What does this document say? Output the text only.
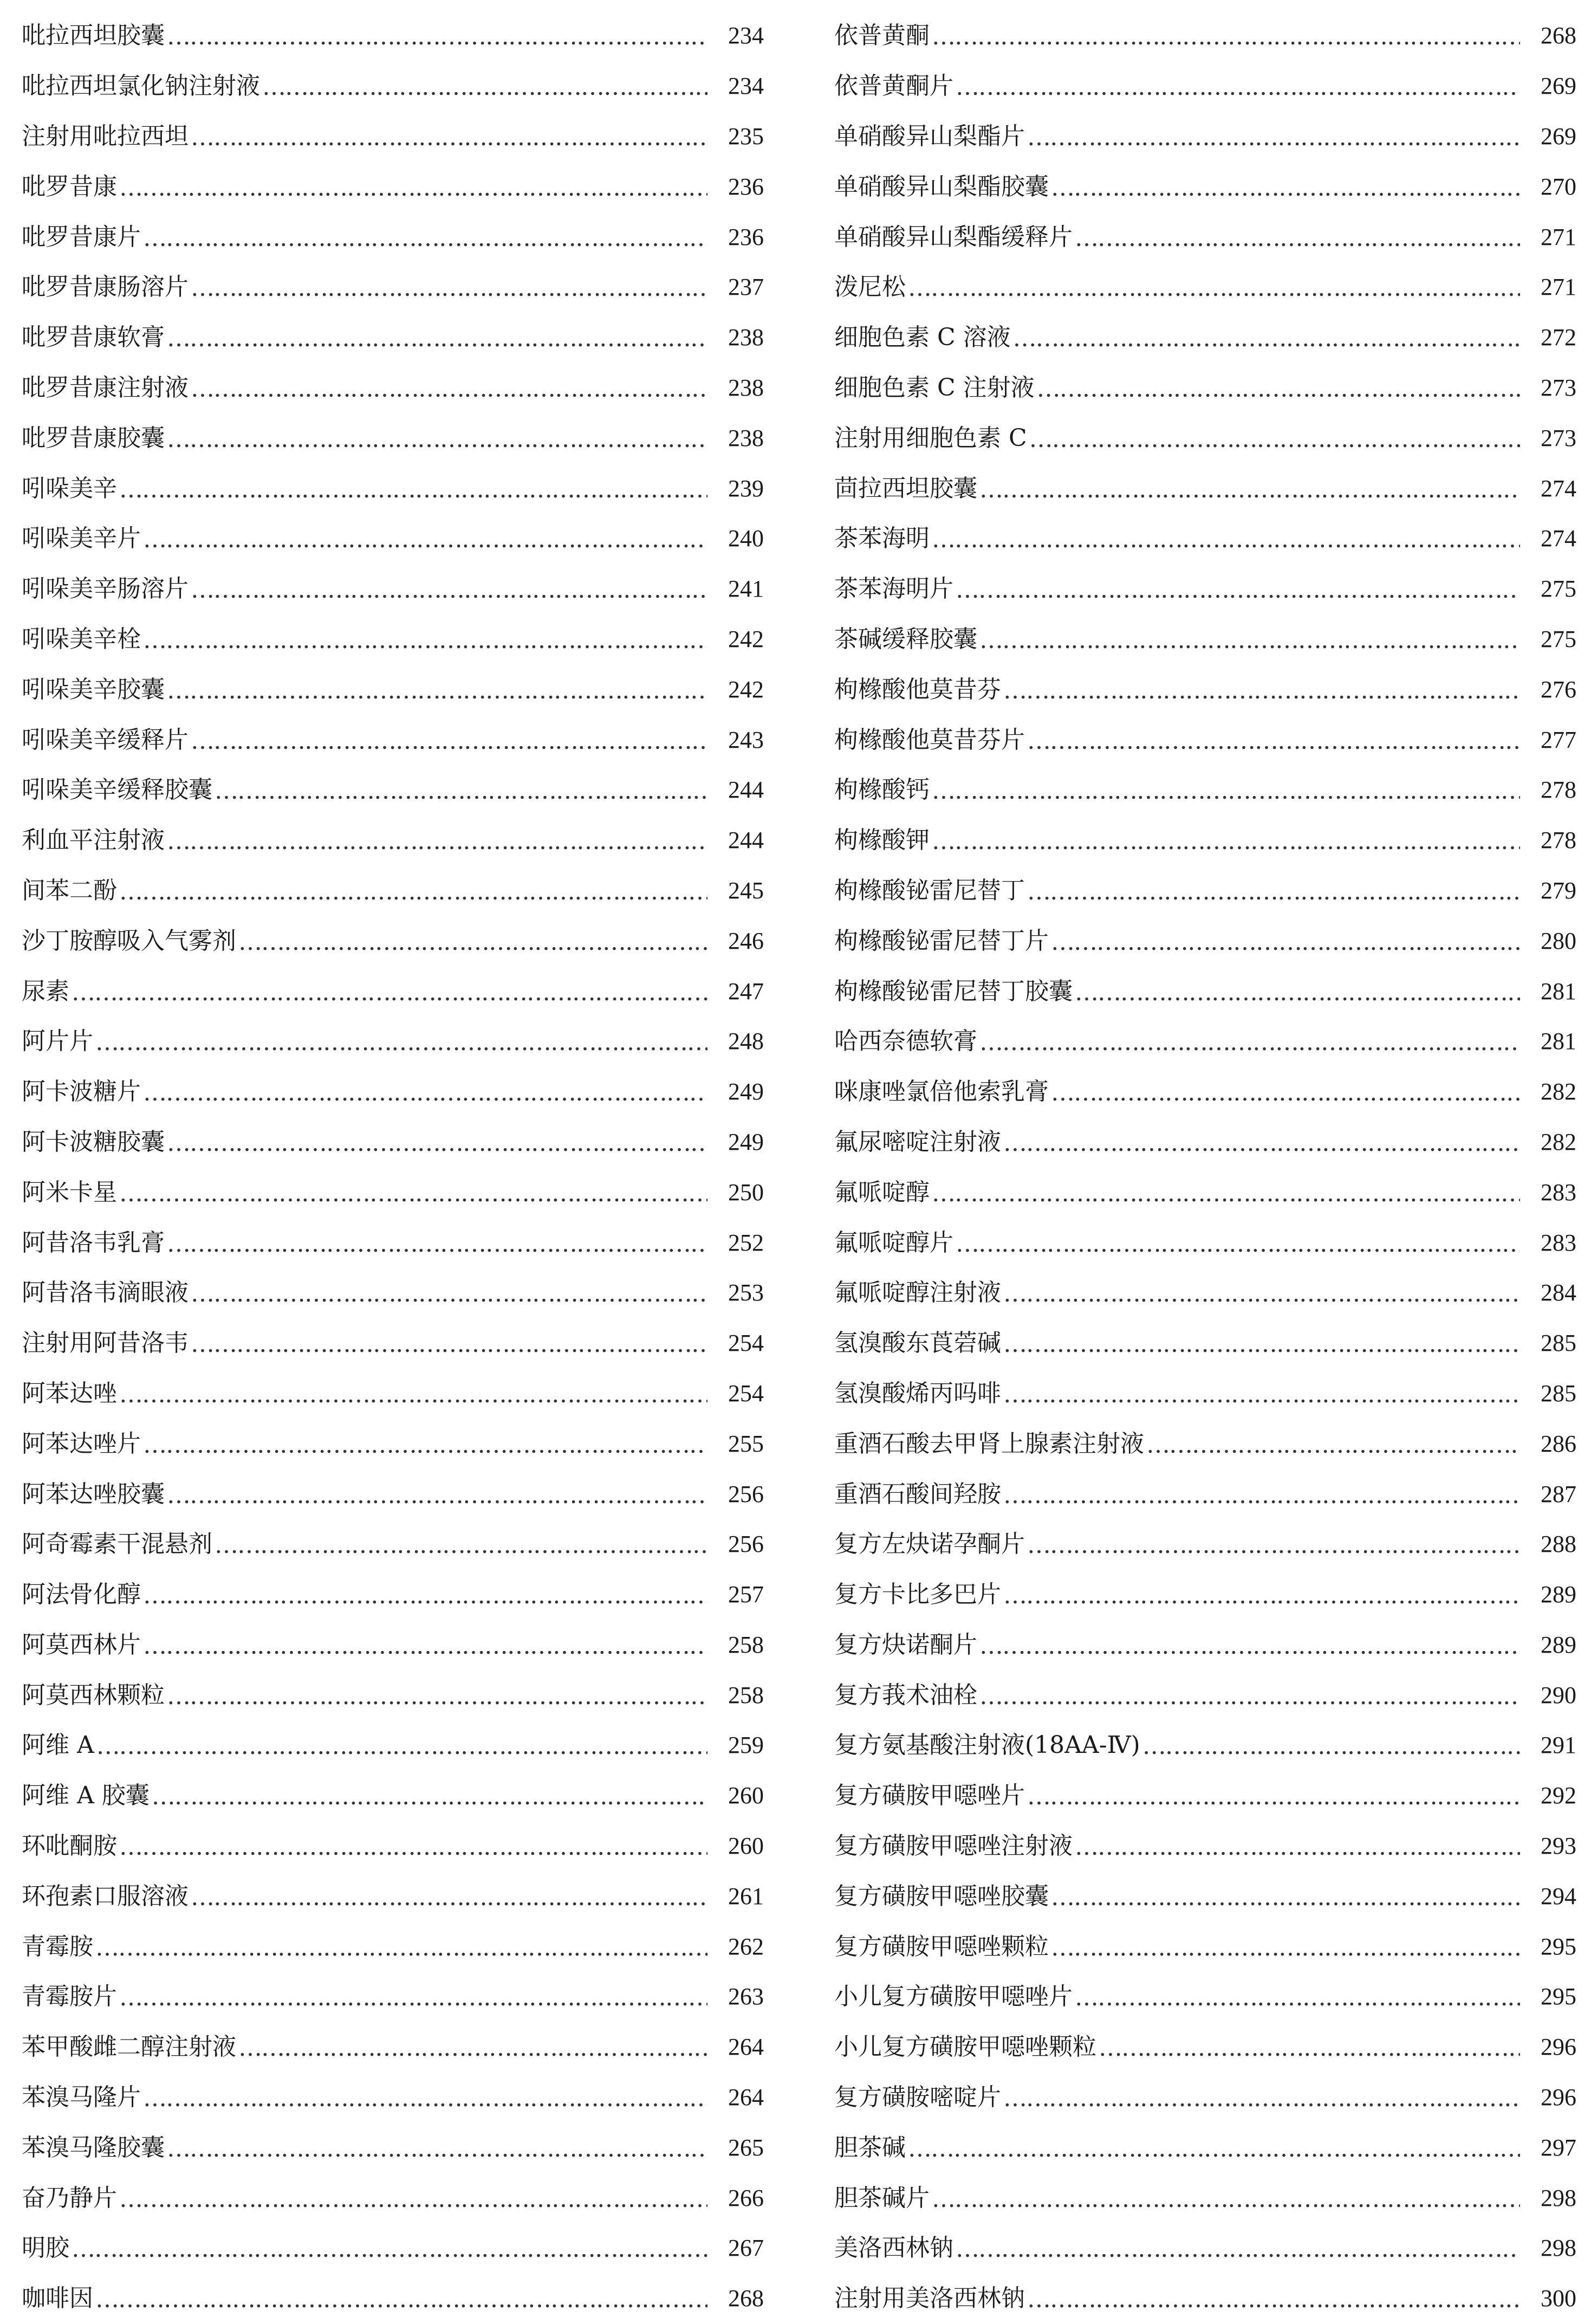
吡拉西坦胶囊 ……………………………………………………………………………………………………………………………………………………………………………………………………	234
吡拉西坦氯化钠注射液 ……………………………………………………………………………………………………………………………………………………………………………………………………	234
注射用吡拉西坦 ……………………………………………………………………………………………………………………………………………………………………………………………………	235
吡罗昔康 ……………………………………………………………………………………………………………………………………………………………………………………………………	236
吡罗昔康片 ……………………………………………………………………………………………………………………………………………………………………………………………………	236
吡罗昔康肠溶片 ……………………………………………………………………………………………………………………………………………………………………………………………………	237
吡罗昔康软膏 ……………………………………………………………………………………………………………………………………………………………………………………………………	238
吡罗昔康注射液 ……………………………………………………………………………………………………………………………………………………………………………………………………	238
吡罗昔康胶囊 ……………………………………………………………………………………………………………………………………………………………………………………………………	238
吲哚美辛 ……………………………………………………………………………………………………………………………………………………………………………………………………	239
吲哚美辛片 ……………………………………………………………………………………………………………………………………………………………………………………………………	240
吲哚美辛肠溶片 ……………………………………………………………………………………………………………………………………………………………………………………………………	241
吲哚美辛栓 ……………………………………………………………………………………………………………………………………………………………………………………………………	242
吲哚美辛胶囊 ……………………………………………………………………………………………………………………………………………………………………………………………………	242
吲哚美辛缓释片 ……………………………………………………………………………………………………………………………………………………………………………………………………	243
吲哚美辛缓释胶囊 ……………………………………………………………………………………………………………………………………………………………………………………………………	244
利血平注射液 ……………………………………………………………………………………………………………………………………………………………………………………………………	244
间苯二酚 ……………………………………………………………………………………………………………………………………………………………………………………………………	245
沙丁胺醇吸入气雾剂 ……………………………………………………………………………………………………………………………………………………………………………………………………	246
尿素 ……………………………………………………………………………………………………………………………………………………………………………………………………	247
阿片片 ……………………………………………………………………………………………………………………………………………………………………………………………………	248
阿卡波糖片 ……………………………………………………………………………………………………………………………………………………………………………………………………	249
阿卡波糖胶囊 ……………………………………………………………………………………………………………………………………………………………………………………………………	249
阿米卡星 ……………………………………………………………………………………………………………………………………………………………………………………………………	250
阿昔洛韦乳膏 ……………………………………………………………………………………………………………………………………………………………………………………………………	252
阿昔洛韦滴眼液 ……………………………………………………………………………………………………………………………………………………………………………………………………	253
注射用阿昔洛韦 ……………………………………………………………………………………………………………………………………………………………………………………………………	254
阿苯达唑 ……………………………………………………………………………………………………………………………………………………………………………………………………	254
阿苯达唑片 ……………………………………………………………………………………………………………………………………………………………………………………………………	255
阿苯达唑胶囊 ……………………………………………………………………………………………………………………………………………………………………………………………………	256
阿奇霉素干混悬剂 ……………………………………………………………………………………………………………………………………………………………………………………………………	256
阿法骨化醇 ……………………………………………………………………………………………………………………………………………………………………………………………………	257
阿莫西林片 ……………………………………………………………………………………………………………………………………………………………………………………………………	258
阿莫西林颗粒 ……………………………………………………………………………………………………………………………………………………………………………………………………	258
阿维 A ……………………………………………………………………………………………………………………………………………………………………………………………………	259
阿维 A 胶囊 ……………………………………………………………………………………………………………………………………………………………………………………………………	260
环吡酮胺 ……………………………………………………………………………………………………………………………………………………………………………………………………	260
环孢素口服溶液 ……………………………………………………………………………………………………………………………………………………………………………………………………	261
青霉胺 ……………………………………………………………………………………………………………………………………………………………………………………………………	262
青霉胺片 ……………………………………………………………………………………………………………………………………………………………………………………………………	263
苯甲酸雌二醇注射液 ……………………………………………………………………………………………………………………………………………………………………………………………………	264
苯溴马隆片 ……………………………………………………………………………………………………………………………………………………………………………………………………	264
苯溴马隆胶囊 ……………………………………………………………………………………………………………………………………………………………………………………………………	265
奋乃静片 ……………………………………………………………………………………………………………………………………………………………………………………………………	266
明胶 ……………………………………………………………………………………………………………………………………………………………………………………………………	267
咖啡因 ……………………………………………………………………………………………………………………………………………………………………………………………………	268
依普黄酮 ……………………………………………………………………………………………………………………………………………………………………………………………………	268
依普黄酮片 ……………………………………………………………………………………………………………………………………………………………………………………………………	269
单硝酸异山梨酯片 ……………………………………………………………………………………………………………………………………………………………………………………………………	269
单硝酸异山梨酯胶囊 ……………………………………………………………………………………………………………………………………………………………………………………………………	270
单硝酸异山梨酯缓释片 ……………………………………………………………………………………………………………………………………………………………………………………………………	271
泼尼松 ……………………………………………………………………………………………………………………………………………………………………………………………………	271
细胞色素 C 溶液 ……………………………………………………………………………………………………………………………………………………………………………………………………	272
细胞色素 C 注射液 ……………………………………………………………………………………………………………………………………………………………………………………………………	273
注射用细胞色素 C ……………………………………………………………………………………………………………………………………………………………………………………………………	273
茴拉西坦胶囊 ……………………………………………………………………………………………………………………………………………………………………………………………………	274
茶苯海明 ……………………………………………………………………………………………………………………………………………………………………………………………………	274
茶苯海明片 ……………………………………………………………………………………………………………………………………………………………………………………………………	275
茶碱缓释胶囊 ……………………………………………………………………………………………………………………………………………………………………………………………………	275
枸橼酸他莫昔芬 ……………………………………………………………………………………………………………………………………………………………………………………………………	276
枸橼酸他莫昔芬片 ……………………………………………………………………………………………………………………………………………………………………………………………………	277
枸橼酸钙 ……………………………………………………………………………………………………………………………………………………………………………………………………	278
枸橼酸钾 ……………………………………………………………………………………………………………………………………………………………………………………………………	278
枸橼酸铋雷尼替丁 ……………………………………………………………………………………………………………………………………………………………………………………………………	279
枸橼酸铋雷尼替丁片 ……………………………………………………………………………………………………………………………………………………………………………………………………	280
枸橼酸铋雷尼替丁胶囊 ……………………………………………………………………………………………………………………………………………………………………………………………………	281
哈西奈德软膏 ……………………………………………………………………………………………………………………………………………………………………………………………………	281
咪康唑氯倍他索乳膏 ……………………………………………………………………………………………………………………………………………………………………………………………………	282
氟尿嘧啶注射液 ……………………………………………………………………………………………………………………………………………………………………………………………………	282
氟哌啶醇 ……………………………………………………………………………………………………………………………………………………………………………………………………	283
氟哌啶醇片 ……………………………………………………………………………………………………………………………………………………………………………………………………	283
氟哌啶醇注射液 ……………………………………………………………………………………………………………………………………………………………………………………………………	284
氢溴酸东莨菪碱 ……………………………………………………………………………………………………………………………………………………………………………………………………	285
氢溴酸烯丙吗啡 ……………………………………………………………………………………………………………………………………………………………………………………………………	285
重酒石酸去甲肾上腺素注射液 ……………………………………………………………………………………………………………………………………………………………………………………………………	286
重酒石酸间羟胺 ……………………………………………………………………………………………………………………………………………………………………………………………………	287
复方左炔诺孕酮片 ……………………………………………………………………………………………………………………………………………………………………………………………………	288
复方卡比多巴片 ……………………………………………………………………………………………………………………………………………………………………………………………………	289
复方炔诺酮片 ……………………………………………………………………………………………………………………………………………………………………………………………………	289
复方莪术油栓 ……………………………………………………………………………………………………………………………………………………………………………………………………	290
复方氨基酸注射液(18AA-Ⅳ) ……………………………………………………………………………………………………………………………………………………………………………………………………	291
复方磺胺甲噁唑片 ……………………………………………………………………………………………………………………………………………………………………………………………………	292
复方磺胺甲噁唑注射液 ……………………………………………………………………………………………………………………………………………………………………………………………………	293
复方磺胺甲噁唑胶囊 ……………………………………………………………………………………………………………………………………………………………………………………………………	294
复方磺胺甲噁唑颗粒 ……………………………………………………………………………………………………………………………………………………………………………………………………	295
小儿复方磺胺甲噁唑片 ……………………………………………………………………………………………………………………………………………………………………………………………………	295
小儿复方磺胺甲噁唑颗粒 ……………………………………………………………………………………………………………………………………………………………………………………………………	296
复方磺胺嘧啶片 ……………………………………………………………………………………………………………………………………………………………………………………………………	296
胆茶碱 ……………………………………………………………………………………………………………………………………………………………………………………………………	297
胆茶碱片 ……………………………………………………………………………………………………………………………………………………………………………………………………	298
美洛西林钠 ……………………………………………………………………………………………………………………………………………………………………………………………………	298
注射用美洛西林钠 ……………………………………………………………………………………………………………………………………………………………………………………………………	300
